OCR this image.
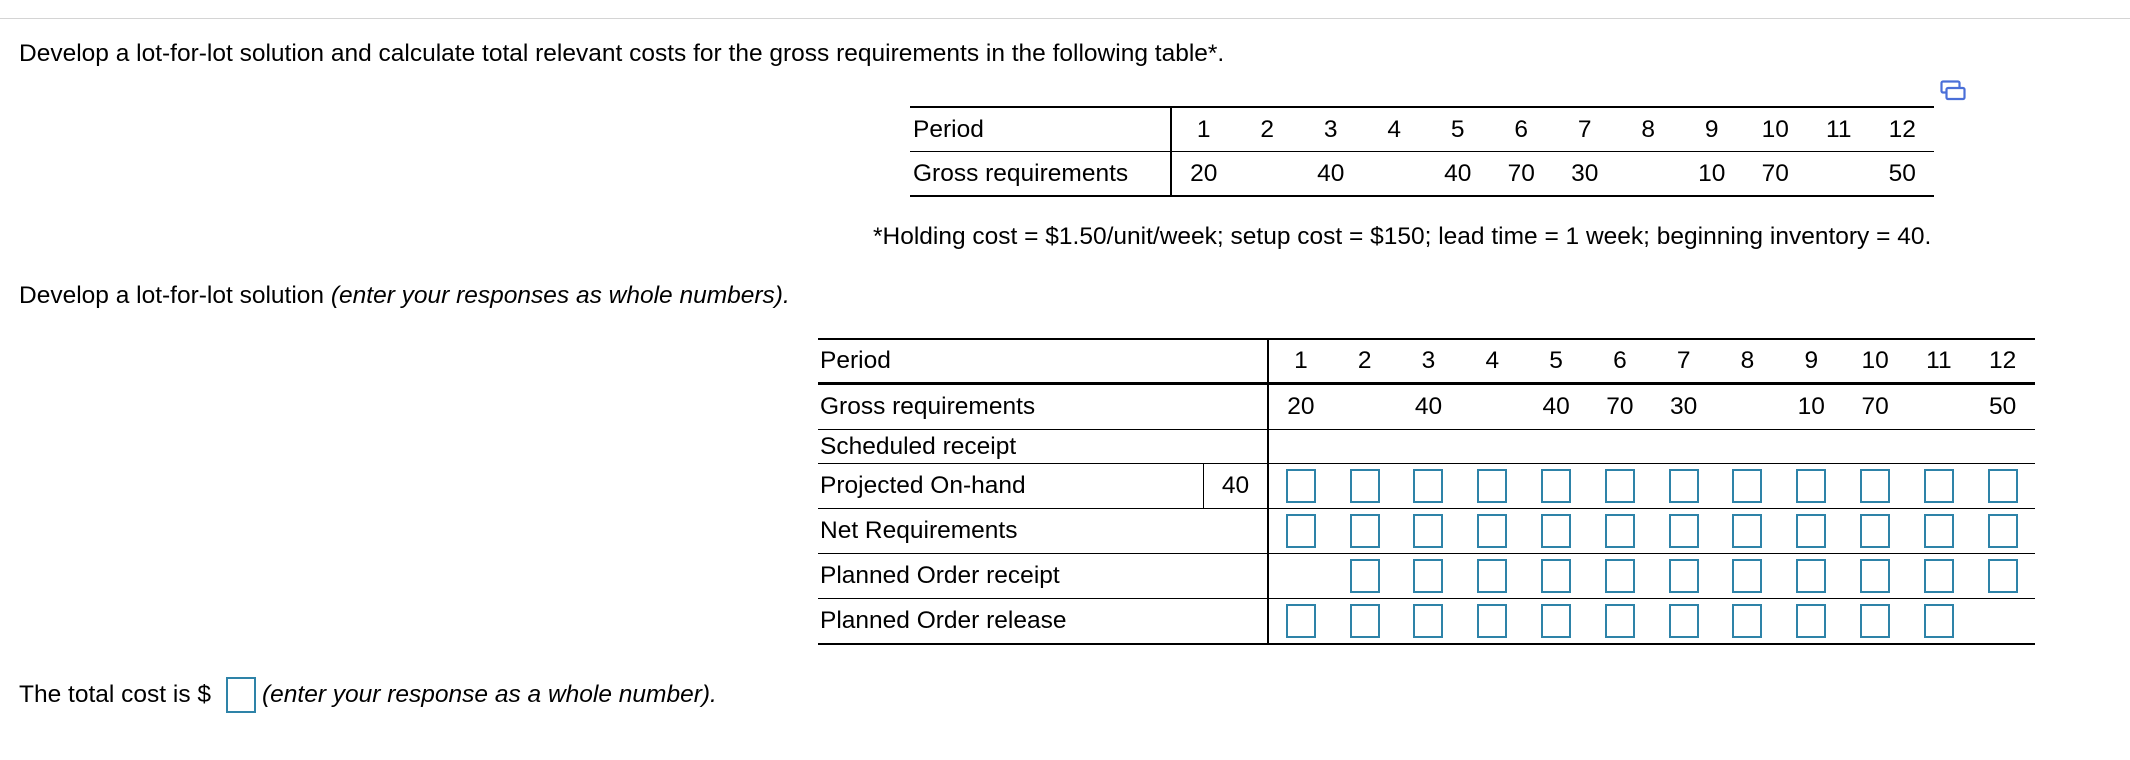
Develop a lot-for-lot solution and calculate total relevant costs for the gross requirements in the following table*.
Period	1	2	3	4	5	6	7	8	9	10	11	12
Gross requirements	20		40		40	70	30		10	70		50
*Holding cost = $1.50/unit/week; setup cost = $150; lead time = 1 week; beginning inventory = 40.
Develop a lot-for-lot solution (enter your responses as whole numbers).
Period		1	2	3	4	5	6	7	8	9	10	11	12
Gross requirements		20		40		40	70	30		10	70		50
Scheduled receipt													
Projected On-hand	40												
Net Requirements													
Planned Order receipt													
Planned Order release													
The total cost is $ (enter your response as a whole number).
